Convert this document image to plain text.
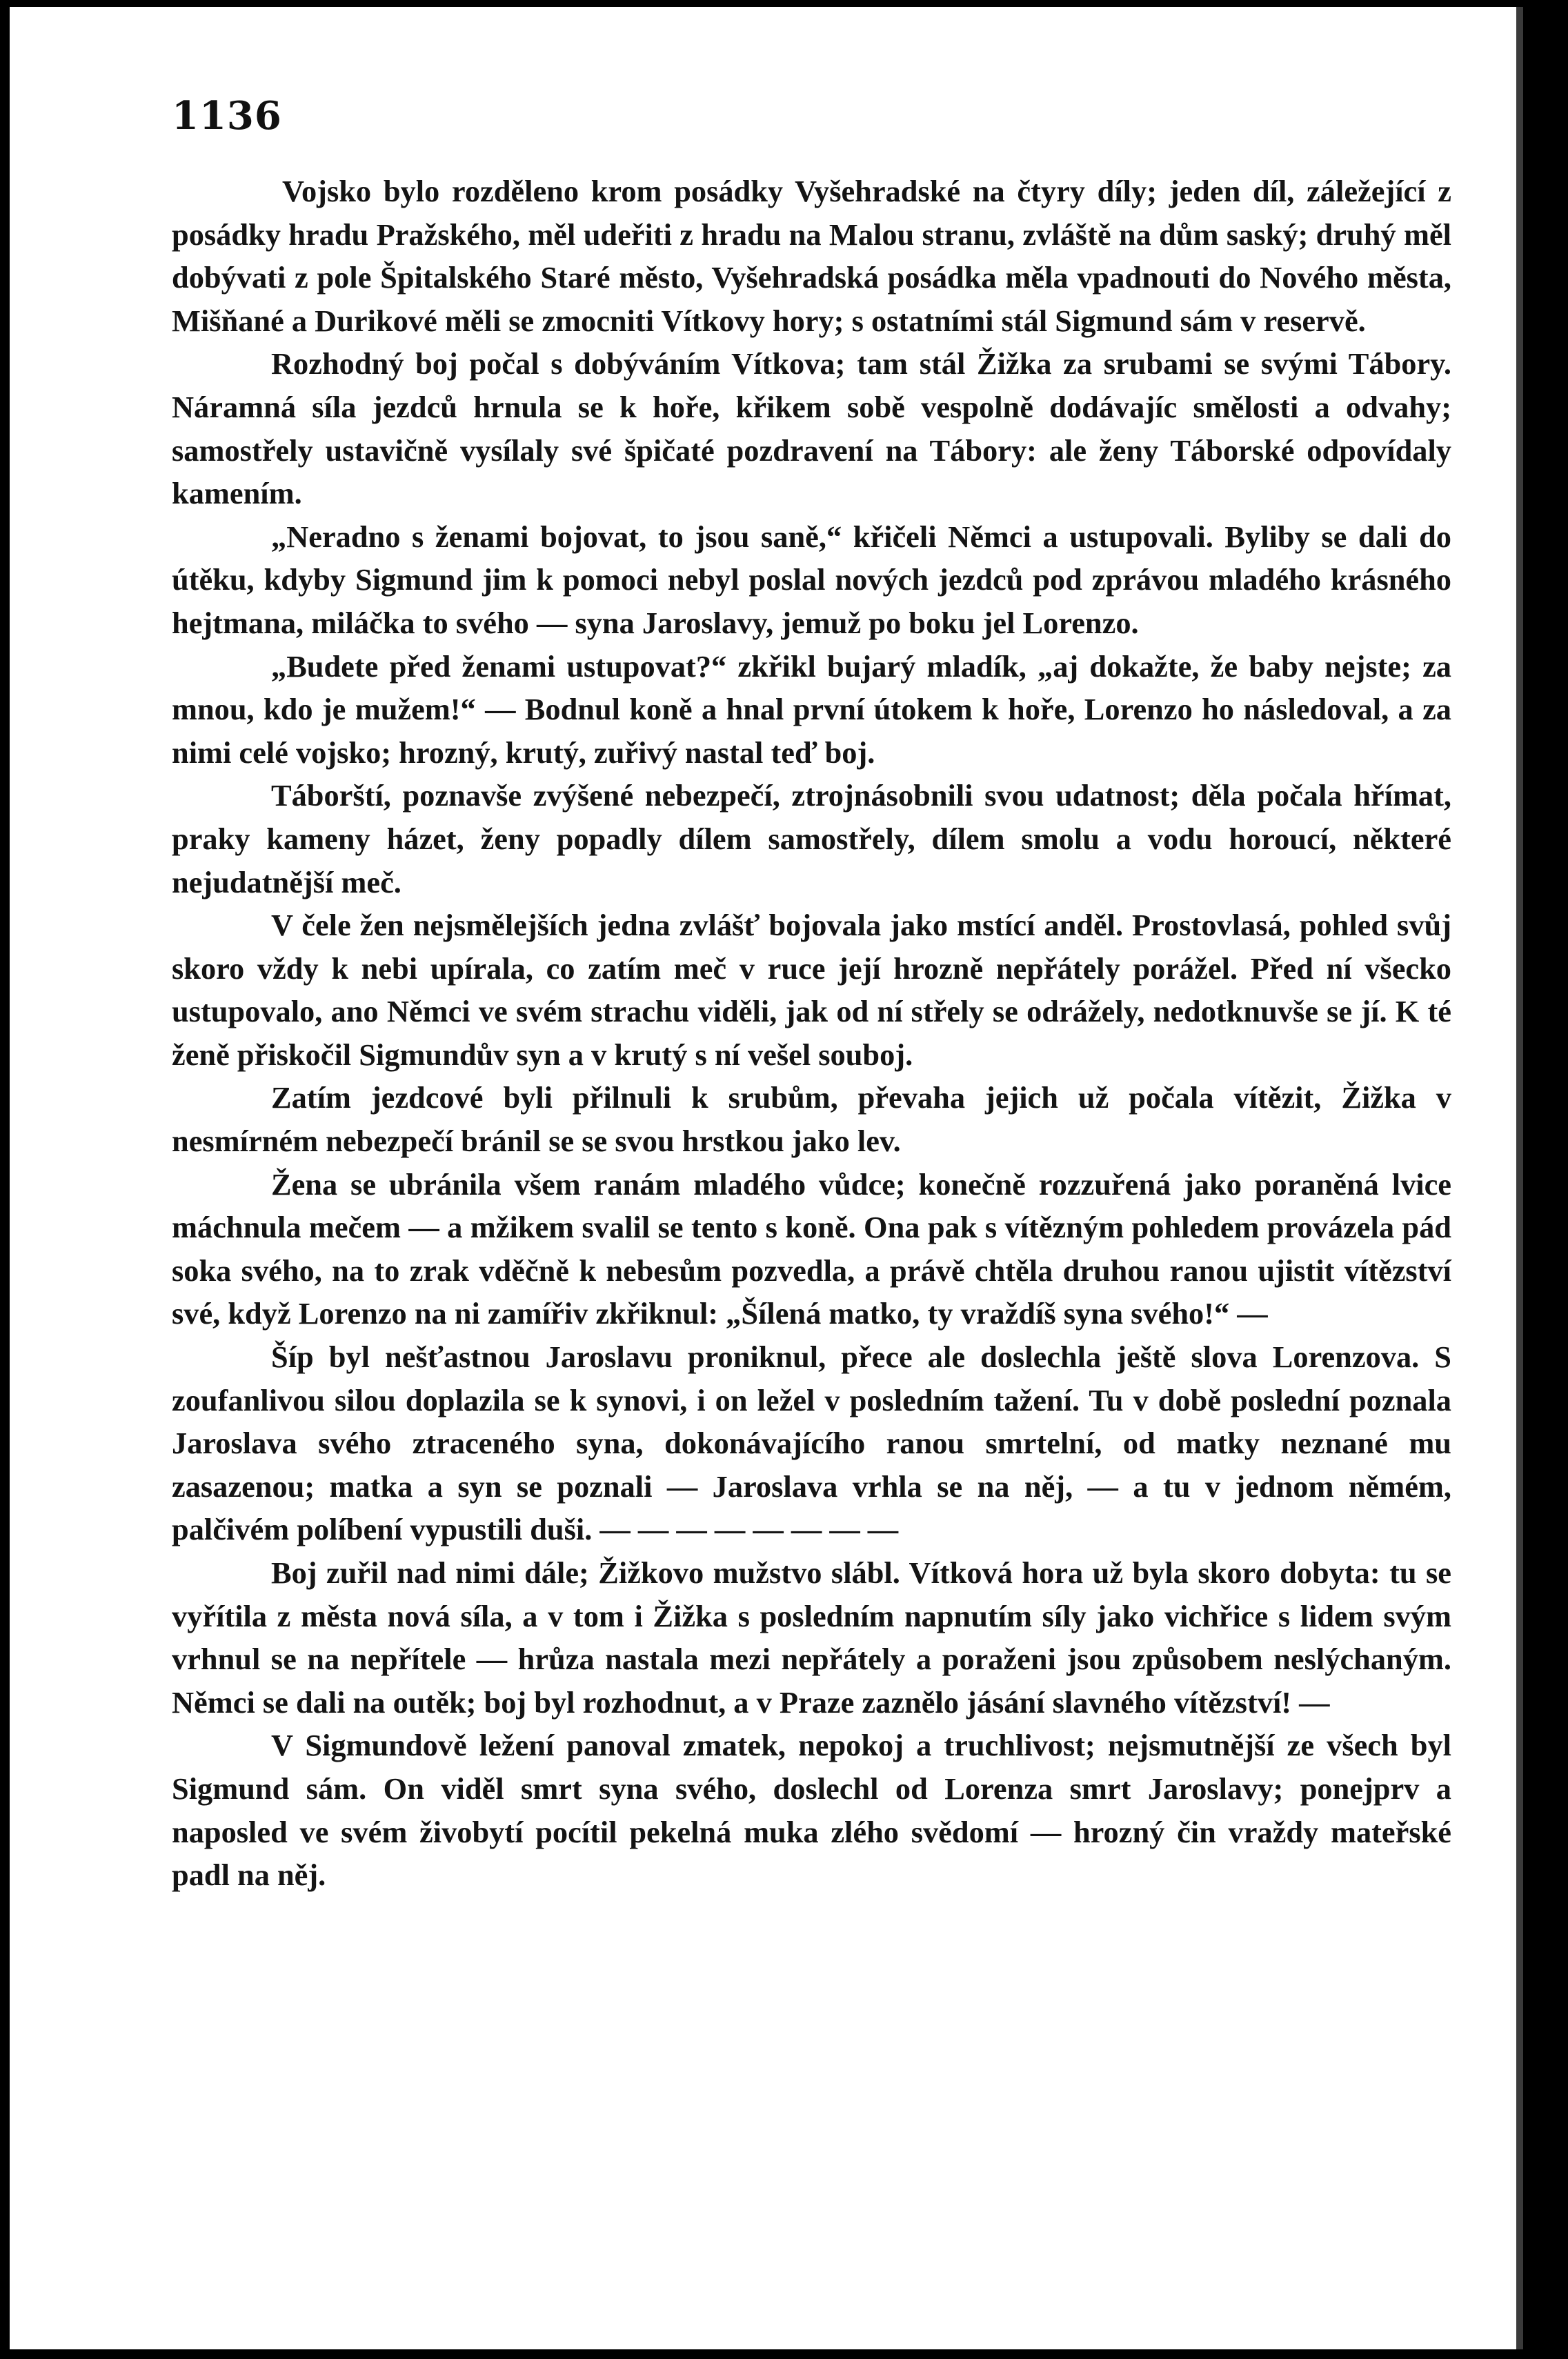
1136

Vojsko bylo rozděleno krom posádky Vyšehradské na čtyry díly; jeden díl, záležející z posádky hradu Pražského, měl udeřiti z hradu na Malou stranu, zvláště na dům saský; druhý měl dobývati z pole Špitalského Staré město, Vyšehradská posádka měla vpadnouti do Nového města, Mišňané a Durikové měli se zmocniti Vítkovy hory; s ostatními stál Sigmund sám v reservě.

Rozhodný boj počal s dobýváním Vítkova; tam stál Žižka za srubami se svými Tábory. Náramná síla jezdců hrnula se k hoře, křikem sobě vespolně dodávajíc smělosti a odvahy; samostřely ustavičně vysílaly své špičaté pozdravení na Tábory: ale ženy Táborské odpovídaly kamením.

„Neradno s ženami bojovat, to jsou saně,“ křičeli Němci a ustupovali. Byliby se dali do útěku, kdyby Sigmund jim k pomoci nebyl poslal nových jezdců pod zprávou mladého krásného hejtmana, miláčka to svého — syna Jaroslavy, jemuž po boku jel Lorenzo.

„Budete před ženami ustupovat?“ zkřikl bujarý mladík, „aj dokažte, že baby nejste; za mnou, kdo je mužem!“ — Bodnul koně a hnal první útokem k hoře, Lorenzo ho následoval, a za nimi celé vojsko; hrozný, krutý, zuřivý nastal teď boj.

Táborští, poznavše zvýšené nebezpečí, ztrojnásobnili svou udatnost; děla počala hřímat, praky kameny házet, ženy popadly dílem samostřely, dílem smolu a vodu horoucí, některé nejudatnější meč.

V čele žen nejsmělejších jedna zvlášť bojovala jako mstící anděl. Prostovlasá, pohled svůj skoro vždy k nebi upírala, co zatím meč v ruce její hrozně nepřátely porážel. Před ní všecko ustupovalo, ano Němci ve svém strachu viděli, jak od ní střely se odrážely, nedotknuvše se jí. K té ženě přiskočil Sigmundův syn a v krutý s ní vešel souboj.

Zatím jezdcové byli přilnuli k srubům, převaha jejich už počala vítězit, Žižka v nesmírném nebezpečí bránil se se svou hrstkou jako lev.

Žena se ubránila všem ranám mladého vůdce; konečně rozzuřená jako poraněná lvice máchnula mečem — a mžikem svalil se tento s koně. Ona pak s vítězným pohledem provázela pád soka svého, na to zrak vděčně k nebesům pozvedla, a právě chtěla druhou ranou ujistit vítězství své, když Lorenzo na ni zamířiv zkřiknul: „Šílená matko, ty vraždíš syna svého!“ —

Šíp byl nešťastnou Jaroslavu proniknul, přece ale doslechla ještě slova Lorenzova. S zoufanlivou silou doplazila se k synovi, i on ležel v posledním tažení. Tu v době poslední poznala Jaroslava svého ztraceného syna, dokonávajícího ranou smrtelní, od matky neznané mu zasazenou; matka a syn se poznali — Jaroslava vrhla se na něj, — a tu v jednom němém, palčivém políbení vypustili duši. — — — — — — — —

Boj zuřil nad nimi dále; Žižkovo mužstvo slábl. Vítková hora už byla skoro dobyta: tu se vyřítila z města nová síla, a v tom i Žižka s posledním napnutím síly jako vichřice s lidem svým vrhnul se na nepřítele — hrůza nastala mezi nepřátely a poraženi jsou způsobem neslýchaným. Němci se dali na outěk; boj byl rozhodnut, a v Praze zaznělo jásání slavného vítězství! —

V Sigmundově ležení panoval zmatek, nepokoj a truchlivost; nejsmutnější ze všech byl Sigmund sám. On viděl smrt syna svého, doslechl od Lorenza smrt Jaroslavy; ponejprv a naposled ve svém živobytí pocítil pekelná muka zlého svědomí — hrozný čin vraždy mateřské padl na něj.
